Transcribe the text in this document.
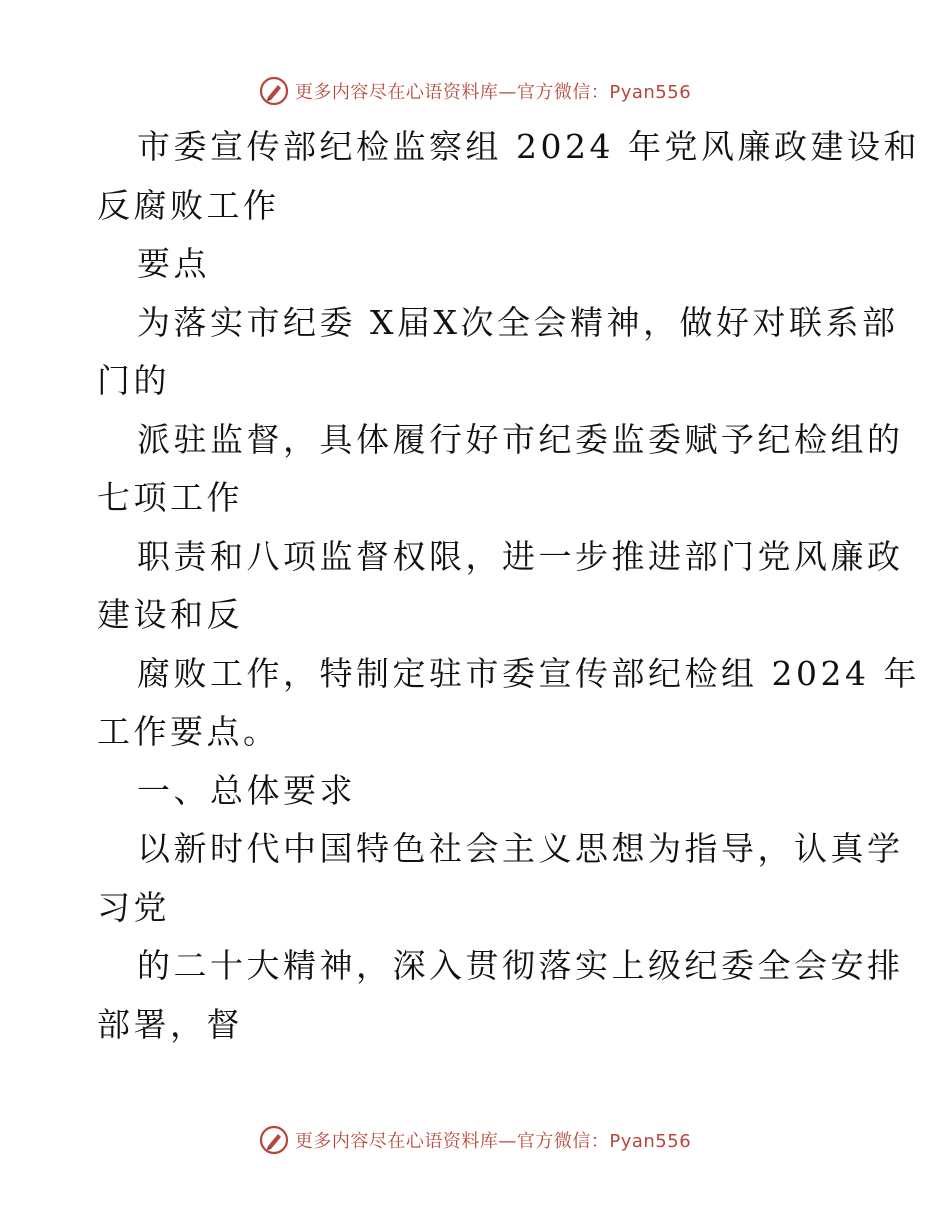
更多内容尽在心语资料库—官方微信：Pyan556
市委宣传部纪检监察组 2024 年党风廉政建设和
反腐败工作
要点
为落实市纪委 X届X次全会精神，做好对联系部
门的
派驻监督，具体履行好市纪委监委赋予纪检组的
七项工作
职责和八项监督权限，进一步推进部门党风廉政
建设和反
腐败工作，特制定驻市委宣传部纪检组 2024 年
工作要点。
一、总体要求
以新时代中国特色社会主义思想为指导，认真学
习党
的二十大精神，深入贯彻落实上级纪委全会安排
部署，督
更多内容尽在心语资料库—官方微信：Pyan556
